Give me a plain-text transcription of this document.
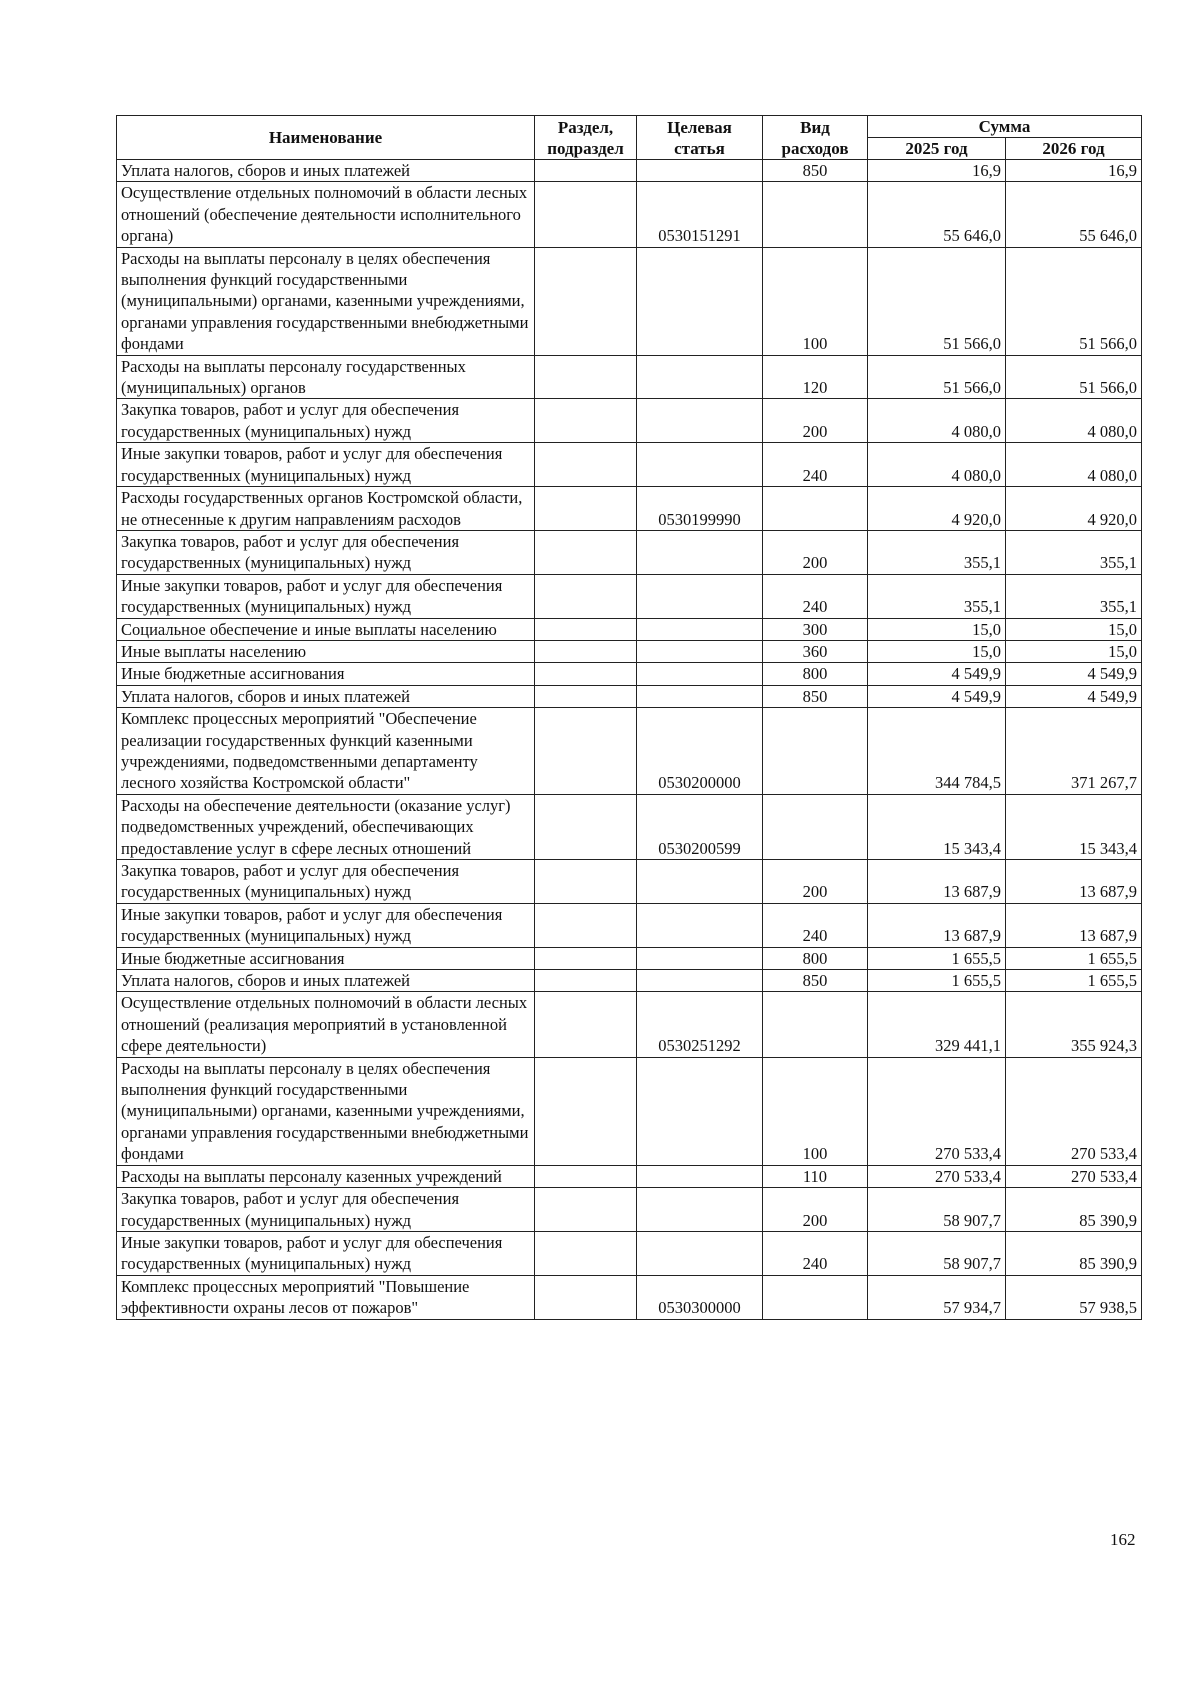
Наименование	Раздел, подраздел	Целевая статья	Вид расходов	Сумма	
				2025 год	2026 год
Уплата налогов, сборов и иных платежей			850	16,9	16,9
Осуществление отдельных полномочий в области лесных отношений (обеспечение деятельности исполнительного органа)		0530151291		55 646,0	55 646,0
Расходы на выплаты персоналу в целях обеспечения выполнения функций государственными (муниципальными) органами, казенными учреждениями, органами управления государственными внебюджетными фондами			100	51 566,0	51 566,0
Расходы на выплаты персоналу государственных (муниципальных) органов			120	51 566,0	51 566,0
Закупка товаров, работ и услуг для обеспечения государственных (муниципальных) нужд			200	4 080,0	4 080,0
Иные закупки товаров, работ и услуг для обеспечения государственных (муниципальных) нужд			240	4 080,0	4 080,0
Расходы государственных органов Костромской области, не отнесенные к другим направлениям расходов		0530199990		4 920,0	4 920,0
Закупка товаров, работ и услуг для обеспечения государственных (муниципальных) нужд			200	355,1	355,1
Иные закупки товаров, работ и услуг для обеспечения государственных (муниципальных) нужд			240	355,1	355,1
Социальное обеспечение и иные выплаты населению			300	15,0	15,0
Иные выплаты населению			360	15,0	15,0
Иные бюджетные ассигнования			800	4 549,9	4 549,9
Уплата налогов, сборов и иных платежей			850	4 549,9	4 549,9
Комплекс процессных мероприятий "Обеспечение реализации государственных функций казенными учреждениями, подведомственными департаменту лесного хозяйства Костромской области"		0530200000		344 784,5	371 267,7
Расходы на обеспечение деятельности (оказание услуг) подведомственных учреждений, обеспечивающих предоставление услуг в сфере лесных отношений		0530200599		15 343,4	15 343,4
Закупка товаров, работ и услуг для обеспечения государственных (муниципальных) нужд			200	13 687,9	13 687,9
Иные закупки товаров, работ и услуг для обеспечения государственных (муниципальных) нужд			240	13 687,9	13 687,9
Иные бюджетные ассигнования			800	1 655,5	1 655,5
Уплата налогов, сборов и иных платежей			850	1 655,5	1 655,5
Осуществление отдельных полномочий в области лесных отношений (реализация мероприятий в установленной сфере деятельности)		0530251292		329 441,1	355 924,3
Расходы на выплаты персоналу в целях обеспечения выполнения функций государственными (муниципальными) органами, казенными учреждениями, органами управления государственными внебюджетными фондами			100	270 533,4	270 533,4
Расходы на выплаты персоналу казенных учреждений			110	270 533,4	270 533,4
Закупка товаров, работ и услуг для обеспечения государственных (муниципальных) нужд			200	58 907,7	85 390,9
Иные закупки товаров, работ и услуг для обеспечения государственных (муниципальных) нужд			240	58 907,7	85 390,9
Комплекс процессных мероприятий "Повышение эффективности охраны лесов от пожаров"		0530300000		57 934,7	57 938,5
162
